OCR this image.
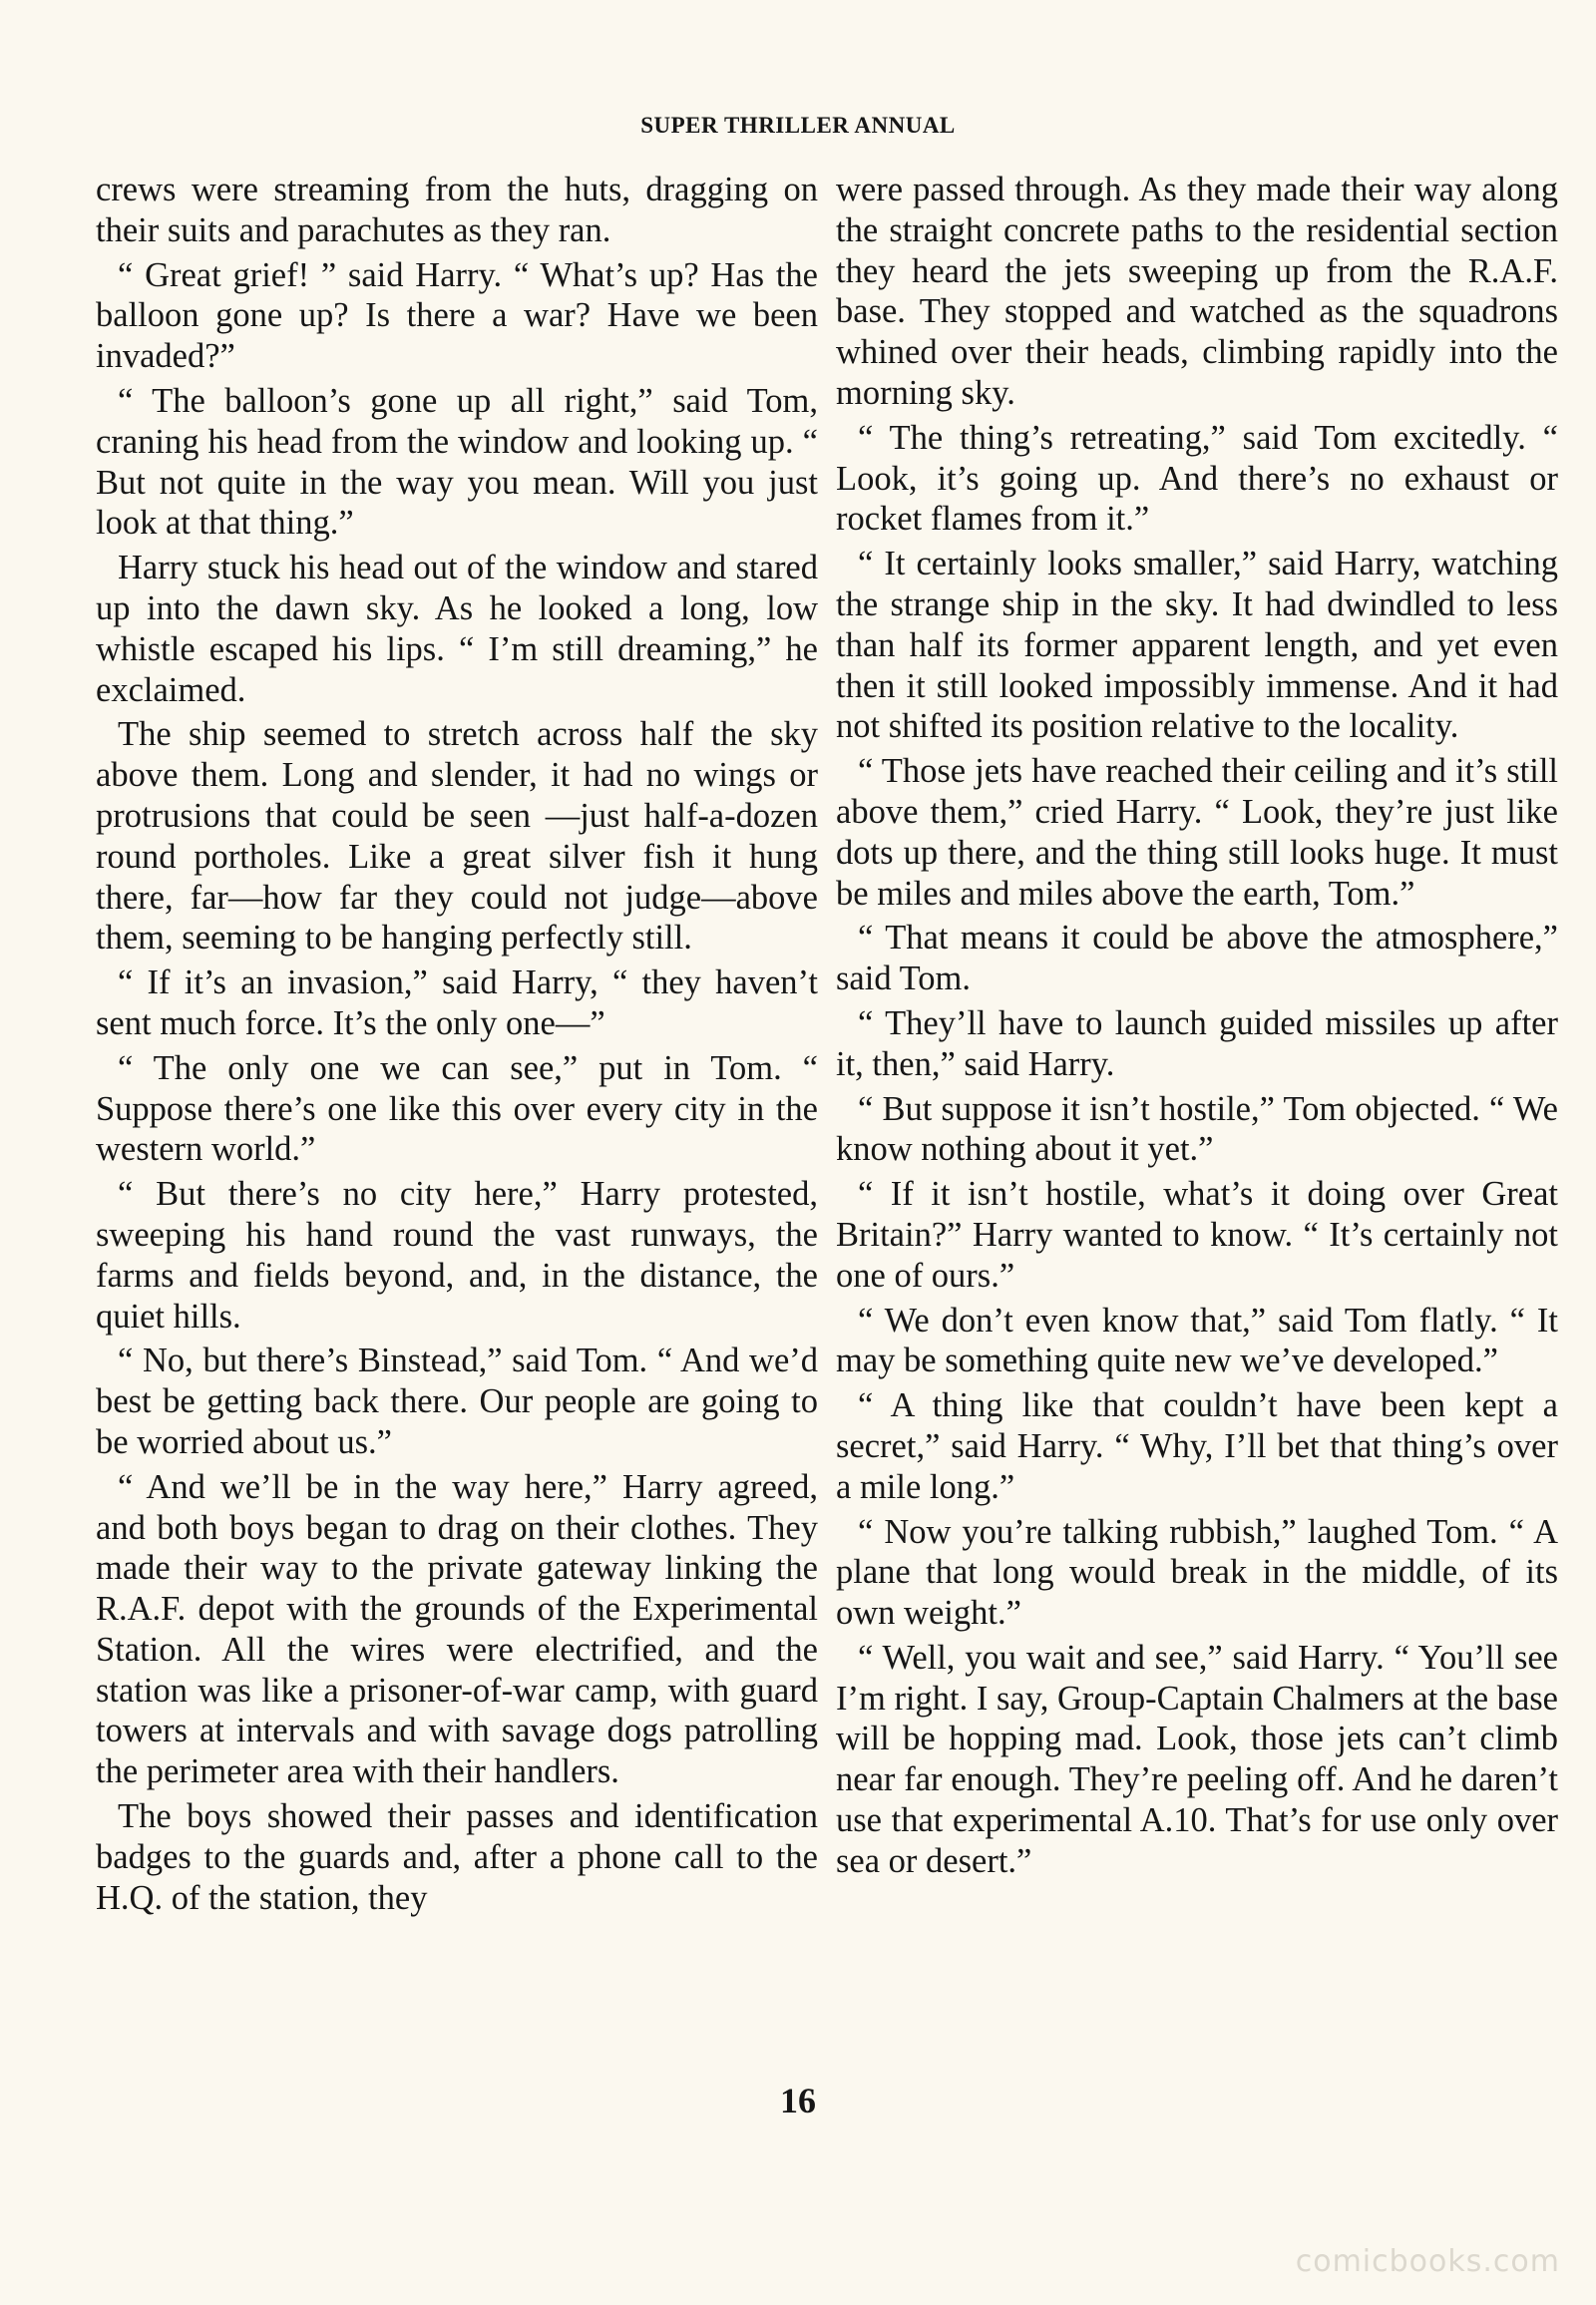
SUPER THRILLER ANNUAL

crews were streaming from the huts, dragging on their suits and parachutes as they ran.

“ Great grief! ” said Harry. “ What’s up? Has the balloon gone up? Is there a war? Have we been invaded?”

“ The balloon’s gone up all right,” said Tom, craning his head from the window and looking up. “ But not quite in the way you mean. Will you just look at that thing.”

Harry stuck his head out of the window and stared up into the dawn sky. As he looked a long, low whistle escaped his lips. “ I’m still dreaming,” he exclaimed.

The ship seemed to stretch across half the sky above them. Long and slender, it had no wings or protrusions that could be seen —just half-a-dozen round portholes. Like a great silver fish it hung there, far—how far they could not judge—above them, seeming to be hanging perfectly still.

“ If it’s an invasion,” said Harry, “ they haven’t sent much force. It’s the only one—”

“ The only one we can see,” put in Tom. “ Suppose there’s one like this over every city in the western world.”

“ But there’s no city here,” Harry protested, sweeping his hand round the vast runways, the farms and fields beyond, and, in the distance, the quiet hills.

“ No, but there’s Binstead,” said Tom. “ And we’d best be getting back there. Our people are going to be worried about us.”

“ And we’ll be in the way here,” Harry agreed, and both boys began to drag on their clothes. They made their way to the private gateway linking the R.A.F. depot with the grounds of the Experimental Station. All the wires were electrified, and the station was like a prisoner-of-war camp, with guard towers at intervals and with savage dogs patrolling the perimeter area with their handlers.

The boys showed their passes and identification badges to the guards and, after a phone call to the H.Q. of the station, they

were passed through. As they made their way along the straight concrete paths to the residential section they heard the jets sweeping up from the R.A.F. base. They stopped and watched as the squadrons whined over their heads, climbing rapidly into the morning sky.

“ The thing’s retreating,” said Tom excitedly. “ Look, it’s going up. And there’s no exhaust or rocket flames from it.”

“ It certainly looks smaller,” said Harry, watching the strange ship in the sky. It had dwindled to less than half its former apparent length, and yet even then it still looked impossibly immense. And it had not shifted its position relative to the locality.

“ Those jets have reached their ceiling and it’s still above them,” cried Harry. “ Look, they’re just like dots up there, and the thing still looks huge. It must be miles and miles above the earth, Tom.”

“ That means it could be above the atmosphere,” said Tom.

“ They’ll have to launch guided missiles up after it, then,” said Harry.

“ But suppose it isn’t hostile,” Tom objected. “ We know nothing about it yet.”

“ If it isn’t hostile, what’s it doing over Great Britain?” Harry wanted to know. “ It’s certainly not one of ours.”

“ We don’t even know that,” said Tom flatly. “ It may be something quite new we’ve developed.”

“ A thing like that couldn’t have been kept a secret,” said Harry. “ Why, I’ll bet that thing’s over a mile long.”

“ Now you’re talking rubbish,” laughed Tom. “ A plane that long would break in the middle, of its own weight.”

“ Well, you wait and see,” said Harry. “ You’ll see I’m right. I say, Group-Captain Chalmers at the base will be hopping mad. Look, those jets can’t climb near far enough. They’re peeling off. And he daren’t use that experimental A.10. That’s for use only over sea or desert.”

16
comicbooks.com
